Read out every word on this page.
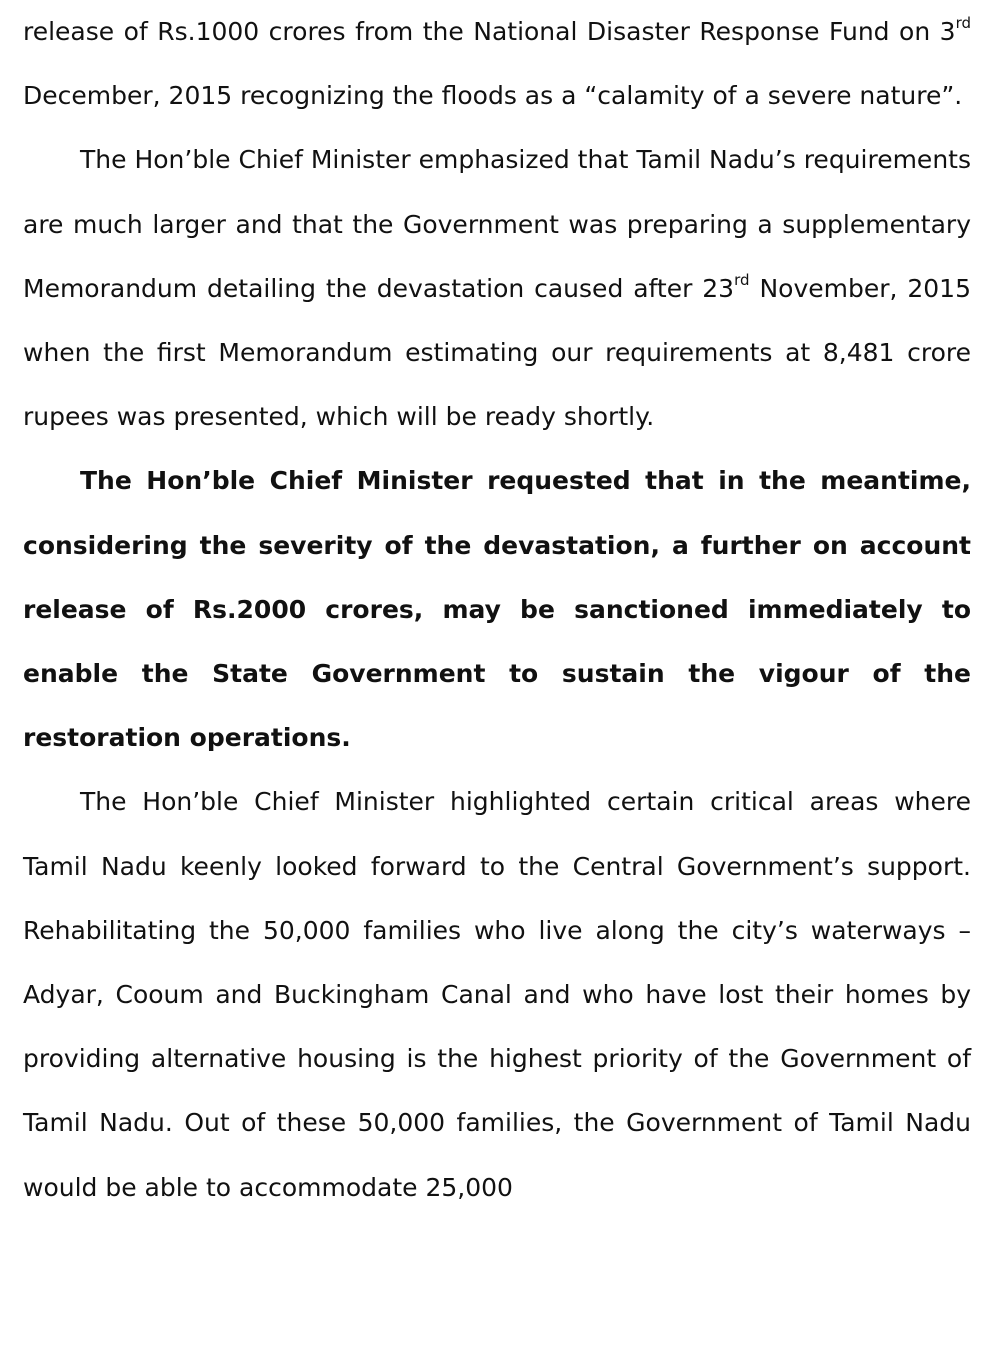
release of Rs.1000 crores from the National Disaster Response Fund on 3rd December, 2015 recognizing the floods as a “calamity of a severe nature”.

The Hon’ble Chief Minister emphasized that Tamil Nadu’s requirements are much larger and that the Government was preparing a supplementary Memorandum detailing the devastation caused after 23rd November, 2015 when the first Memorandum estimating our requirements at 8,481 crore rupees was presented, which will be ready shortly.

The Hon’ble Chief Minister requested that in the meantime, considering the severity of the devastation, a further on account release of Rs.2000 crores, may be sanctioned immediately to enable the State Government to sustain the vigour of the restoration operations.

The Hon’ble Chief Minister highlighted certain critical areas where Tamil Nadu keenly looked forward to the Central Government’s support. Rehabilitating the 50,000 families who live along the city’s waterways – Adyar, Cooum and Buckingham Canal and who have lost their homes by providing alternative housing is the highest priority of the Government of Tamil Nadu. Out of these 50,000 families, the Government of Tamil Nadu would be able to accommodate 25,000
